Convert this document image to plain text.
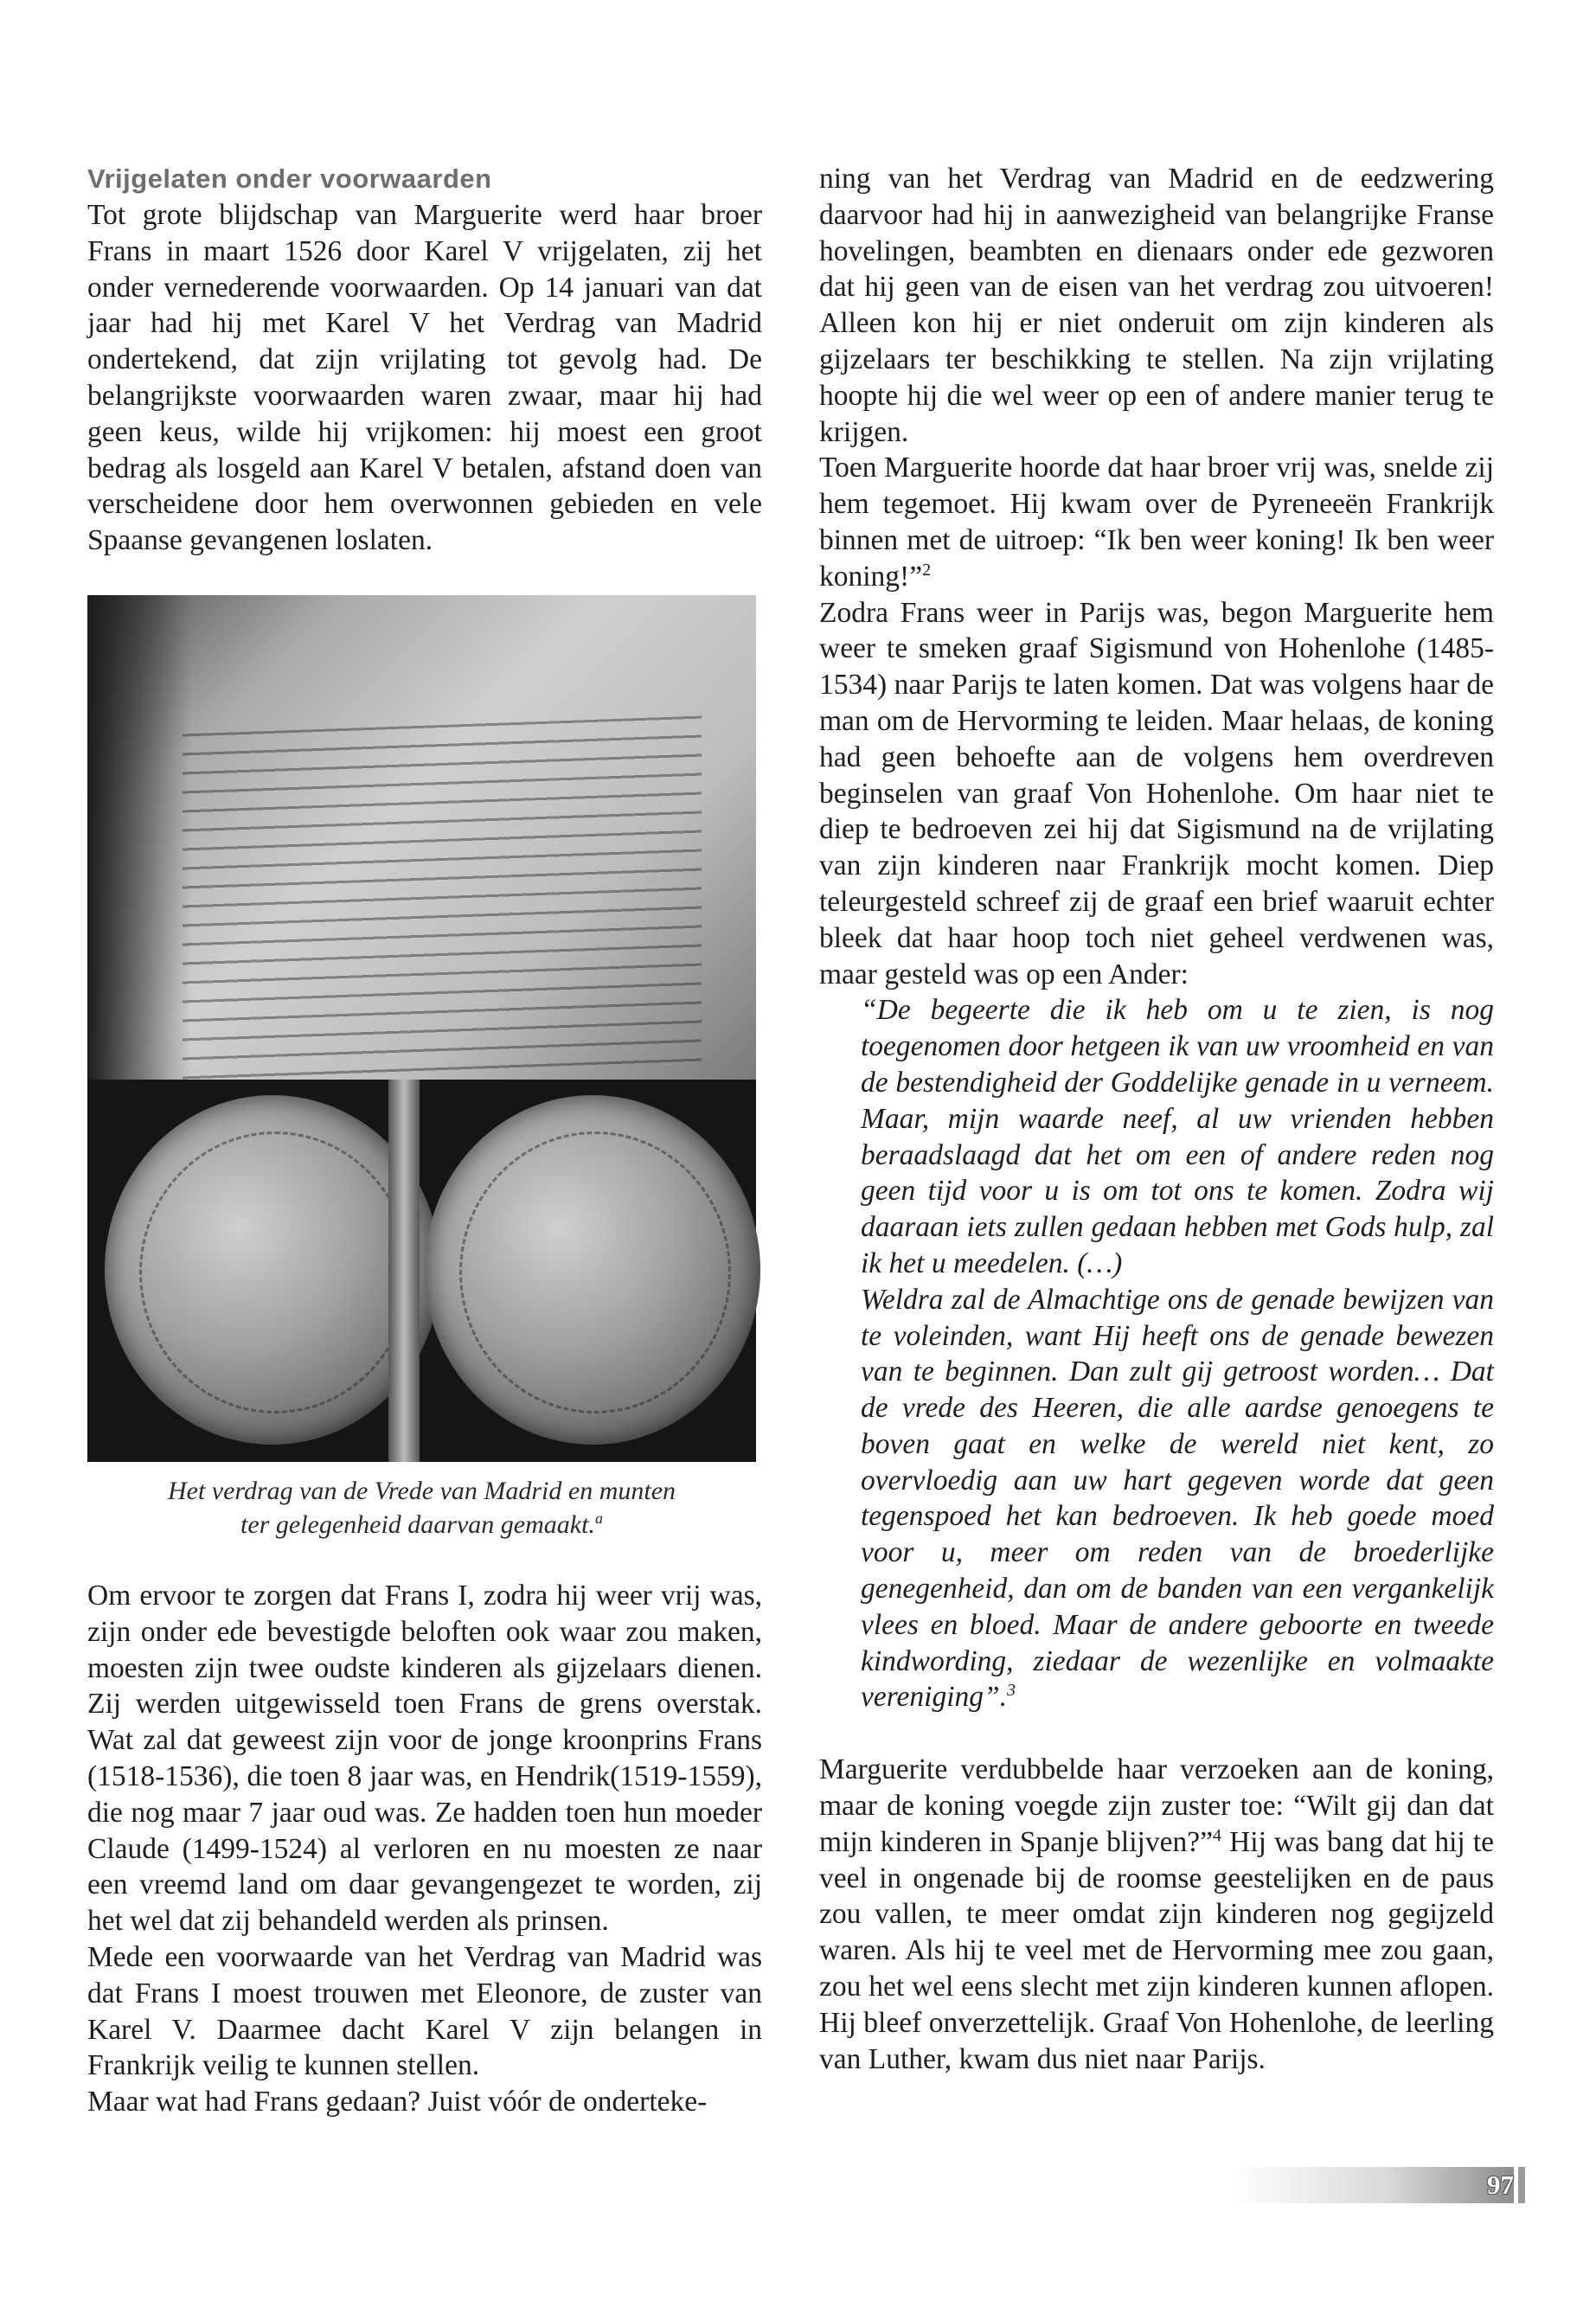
Vrijgelaten onder voorwaarden

Tot grote blijdschap van Marguerite werd haar broer Frans in maart 1526 door Karel V vrijgelaten, zij het onder vernederende voorwaarden. Op 14 januari van dat jaar had hij met Karel V het Verdrag van Madrid ondertekend, dat zijn vrijlating tot gevolg had. De belangrijkste voorwaarden waren zwaar, maar hij had geen keus, wilde hij vrijkomen: hij moest een groot bedrag als losgeld aan Karel V betalen, afstand doen van verscheidene door hem overwonnen gebieden en vele Spaanse gevangenen loslaten.

Het verdrag van de Vrede van Madrid en munten
ter gelegenheid daarvan gemaakt.$^a$

Om ervoor te zorgen dat Frans I, zodra hij weer vrij was, zijn onder ede bevestigde beloften ook waar zou maken, moesten zijn twee oudste kinderen als gijzelaars dienen. Zij werden uitgewisseld toen Frans de grens overstak. Wat zal dat geweest zijn voor de jonge kroonprins Frans (1518-1536), die toen 8 jaar was, en Hendrik(1519-1559), die nog maar 7 jaar oud was. Ze hadden toen hun moeder Claude (1499-1524) al verloren en nu moesten ze naar een vreemd land om daar gevangengezet te worden, zij het wel dat zij behandeld werden als prinsen.

Mede een voorwaarde van het Verdrag van Madrid was dat Frans I moest trouwen met Eleonore, de zuster van Karel V. Daarmee dacht Karel V zijn belangen in Frankrijk veilig te kunnen stellen.

Maar wat had Frans gedaan? Juist vóór de onderteke-

ning van het Verdrag van Madrid en de eedzwering daarvoor had hij in aanwezigheid van belangrijke Franse hovelingen, beambten en dienaars onder ede gezworen dat hij geen van de eisen van het verdrag zou uitvoeren! Alleen kon hij er niet onderuit om zijn kinderen als gijzelaars ter beschikking te stellen. Na zijn vrijlating hoopte hij die wel weer op een of andere manier terug te krijgen.

Toen Marguerite hoorde dat haar broer vrij was, snelde zij hem tegemoet. Hij kwam over de Pyreneeën Frankrijk binnen met de uitroep: “Ik ben weer koning! Ik ben weer koning!”$^2$

Zodra Frans weer in Parijs was, begon Marguerite hem weer te smeken graaf Sigismund von Hohenlohe (1485-1534) naar Parijs te laten komen. Dat was volgens haar de man om de Hervorming te leiden. Maar helaas, de koning had geen behoefte aan de volgens hem overdreven beginselen van graaf Von Hohenlohe. Om haar niet te diep te bedroeven zei hij dat Sigismund na de vrijlating van zijn kinderen naar Frankrijk mocht komen. Diep teleurgesteld schreef zij de graaf een brief waaruit echter bleek dat haar hoop toch niet geheel verdwenen was, maar gesteld was op een Ander:

“De begeerte die ik heb om u te zien, is nog toegenomen door hetgeen ik van uw vroomheid en van de bestendigheid der Goddelijke genade in u verneem. Maar, mijn waarde neef, al uw vrienden hebben beraadslaagd dat het om een of andere reden nog geen tijd voor u is om tot ons te komen. Zodra wij daaraan iets zullen gedaan hebben met Gods hulp, zal ik het u meedelen. (…)

Weldra zal de Almachtige ons de genade bewijzen van te voleinden, want Hij heeft ons de genade bewezen van te beginnen. Dan zult gij getroost worden… Dat de vrede des Heeren, die alle aardse genoegens te boven gaat en welke de wereld niet kent, zo overvloedig aan uw hart gegeven worde dat geen tegenspoed het kan bedroeven. Ik heb goede moed voor u, meer om reden van de broederlijke genegenheid, dan om de banden van een vergankelijk vlees en bloed. Maar de andere geboorte en tweede kindwording, ziedaar de wezenlijke en volmaakte vereniging”.$^3$

Marguerite verdubbelde haar verzoeken aan de koning, maar de koning voegde zijn zuster toe: “Wilt gij dan dat mijn kinderen in Spanje blijven?”$^4$ Hij was bang dat hij te veel in ongenade bij de roomse geestelijken en de paus zou vallen, te meer omdat zijn kinderen nog gegijzeld waren. Als hij te veel met de Hervorming mee zou gaan, zou het wel eens slecht met zijn kinderen kunnen aflopen. Hij bleef onverzettelijk. Graaf Von Hohenlohe, de leerling van Luther, kwam dus niet naar Parijs.

97
